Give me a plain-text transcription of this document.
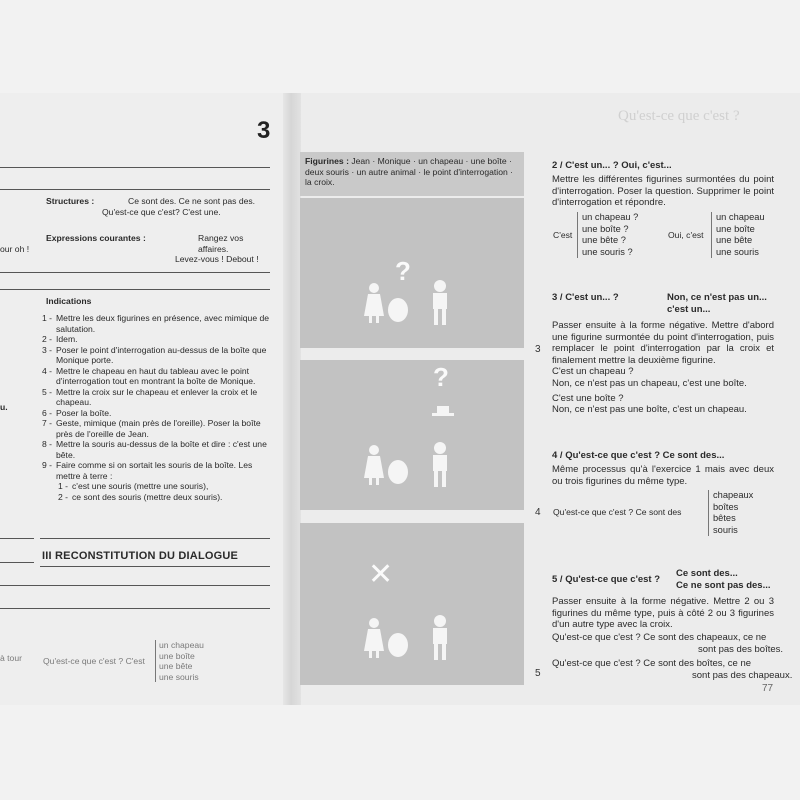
3
Structures :	Ce sont des. Ce ne sont pas des.
Qu'est-ce que c'est? C'est une.
Expressions courantes :
our oh !
Rangez vos affaires.
Levez-vous ! Debout !
Indications
1 - Mettre les deux figurines en présence, avec mimique de salutation.
2 - Idem.
3 - Poser le point d'interrogation au-dessus de la boîte que Monique porte.
4 - Mettre le chapeau en haut du tableau avec le point d'interrogation tout en montrant la boîte de Monique.
5 - Mettre la croix sur le chapeau et enlever la croix et le chapeau.
6 - Poser la boîte.
7 - Geste, mimique (main près de l'oreille). Poser la boîte près de l'oreille de Jean.
8 - Mettre la souris au-dessus de la boîte et dire : c'est une bête.
9 - Faire comme si on sortait les souris de la boîte. Les mettre à terre :
1 - c'est une souris (mettre une souris),
2 - ce sont des souris (mettre deux souris).
u.
III RECONSTITUTION DU DIALOGUE
à tour Qu'est-ce que c'est ? C'est
un chapeau
une boîte
une bête
une souris
Qu'est-ce que c'est ?
Figurines : Jean · Monique · un chapeau · une boîte · deux souris · un autre animal · le point d'interrogation · la croix.
?
?
✕
3
4
5
2 / C'est un... ? Oui, c'est...
Mettre les différentes figurines surmontées du point d'interrogation. Poser la question. Supprimer le point d'interrogation et répondre.
C'est
un chapeau ?
une boîte ?
une bête ?
une souris ?
Oui, c'est
un chapeau
une boîte
une bête
une souris
3 / C'est un... ?	Non, ce n'est pas un... c'est un...
Passer ensuite à la forme négative. Mettre d'abord une figurine surmontée du point d'interrogation, puis remplacer le point d'interrogation par la croix et finalement mettre la deuxième figurine.
C'est un chapeau ?
Non, ce n'est pas un chapeau, c'est une boîte.
C'est une boîte ?
Non, ce n'est pas une boîte, c'est un chapeau.
4 / Qu'est-ce que c'est ? Ce sont des...
Même processus qu'à l'exercice 1 mais avec deux ou trois figurines du même type.
Qu'est-ce que c'est ? Ce sont des
chapeaux
boîtes
bêtes
souris
5 / Qu'est-ce que c'est ?
Ce sont des...
Ce ne sont pas des...
Passer ensuite à la forme négative. Mettre 2 ou 3 figurines du même type, puis à côté 2 ou 3 figurines d'un autre type avec la croix.
Qu'est-ce que c'est ? Ce sont des chapeaux, ce ne
sont pas des boîtes.
Qu'est-ce que c'est ? Ce sont des boîtes, ce ne
sont pas des chapeaux.
77
